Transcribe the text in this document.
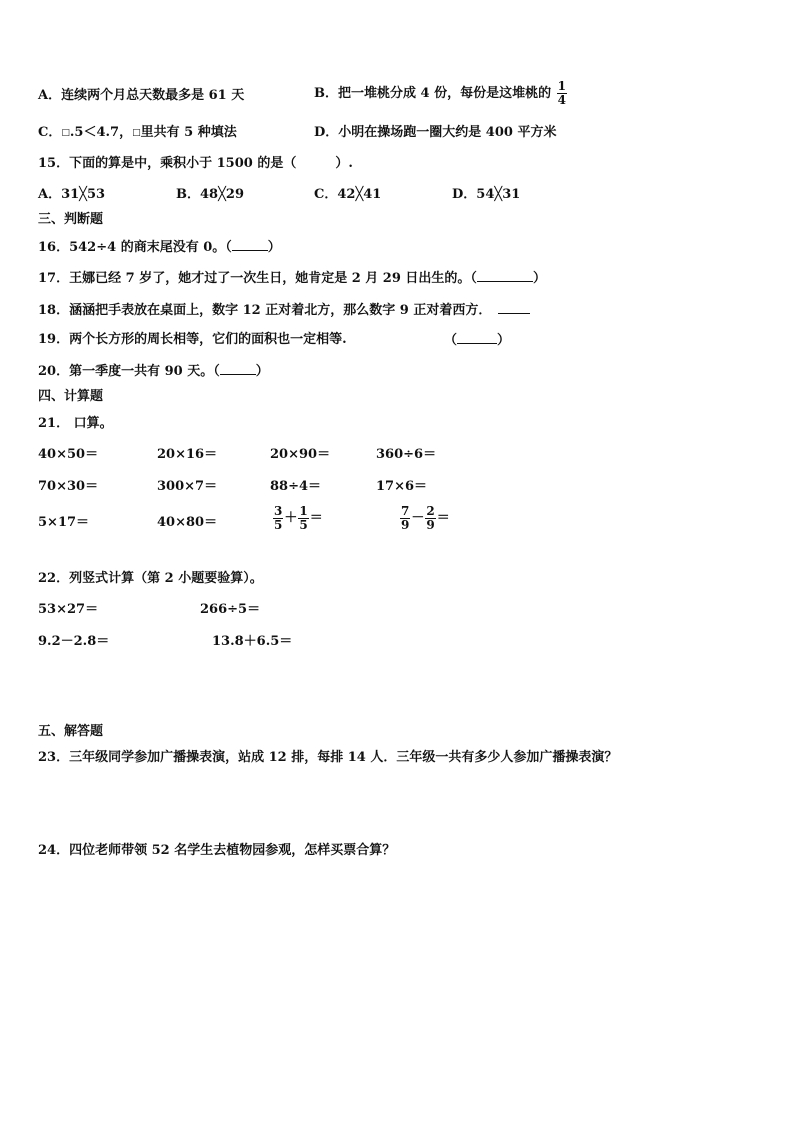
A．连续两个月总天数最多是 61 天	B．把一堆桃分成 4 份，每份是这堆桃的 $\frac{1}{4}$
C．□.5＜4.7，□里共有 5 种填法	D．小明在操场跑一圈大约是 400 平方米
15．下面的算是中，乘积小于 1500 的是（　　　）.
A．31╳53	B．48╳29	C．42╳41	D．54╳31
三、判断题
16．542÷4 的商末尾没有 0。（	）
17．王娜已经 7 岁了，她才过了一次生日，她肯定是 2 月 29 日出生的。（	）
18．涵涵把手表放在桌面上，数字 12 正对着北方，那么数字 9 正对着西方．
19．两个长方形的周长相等，它们的面积也一定相等.	（	）
20．第一季度一共有 90 天。（	）
四、计算题
21． 口算。
40×50＝	20×16＝	20×90＝	360÷6＝
70×30＝	300×7＝	88÷4＝	17×6＝
5×17＝	40×80＝	$\frac{3}{5} + \frac{1}{5}$ ＝	$\frac{7}{9} - \frac{2}{9}$ ＝
22．列竖式计算（第 2 小题要验算）。
53×27＝	266÷5＝
9.2－2.8＝	13.8＋6.5＝
五、解答题
23．三年级同学参加广播操表演，站成 12 排，每排 14 人．三年级一共有多少人参加广播操表演？
24．四位老师带领 52 名学生去植物园参观，怎样买票合算？
